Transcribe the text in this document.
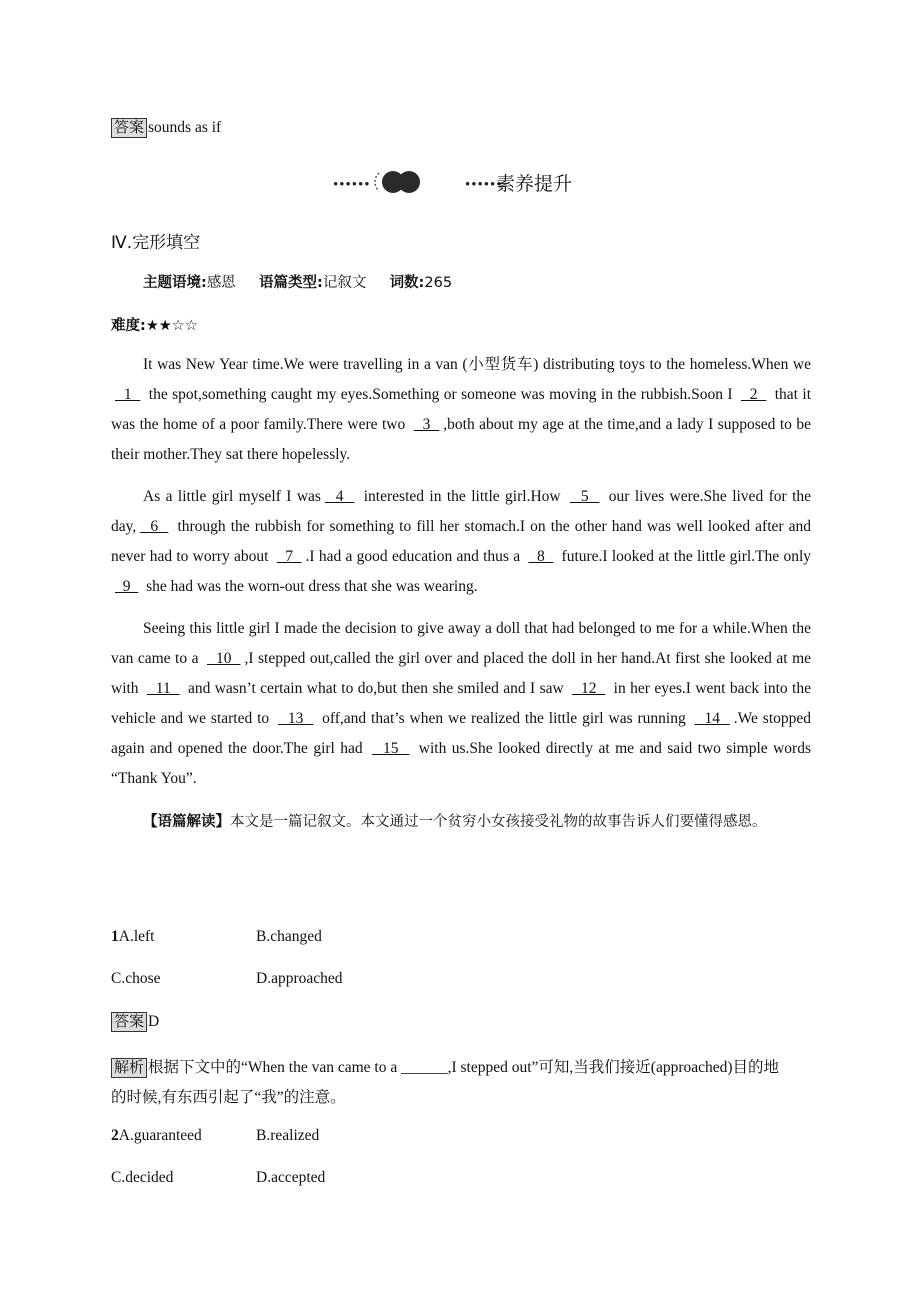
答案 sounds as if
••••••	••••••
素养提升
Ⅳ.完形填空
主题语境:感恩 语篇类型:记叙文 词数:265
难度:★★☆☆
It was New Year time.We were travelling in a van (小型货车) distributing toys to the homeless.When we   1   the spot,something caught my eyes.Something or someone was moving in the rubbish.Soon I   2   that it was the home of a poor family.There were two   3  ,both about my age at the time,and a lady I supposed to be their mother.They sat there hopelessly.
As a little girl myself I was  4   interested in the little girl.How   5   our lives were.She lived for the day,  6   through the rubbish for something to fill her stomach.I on the other hand was well looked after and never had to worry about   7  .I had a good education and thus a   8   future.I looked at the little girl.The only   9   she had was the worn-out dress that she was wearing.
Seeing this little girl I made the decision to give away a doll that had belonged to me for a while.When the van came to a   10  ,I stepped out,called the girl over and placed the doll in her hand.At first she looked at me with   11   and wasn’t certain what to do,but then she smiled and I saw   12   in her eyes.I went back into the vehicle and we started to   13   off,and that’s when we realized the little girl was running   14  .We stopped again and opened the door.The girl had   15   with us.She looked directly at me and said two simple words “Thank You”.
【语篇解读】本文是一篇记叙文。本文通过一个贫穷小女孩接受礼物的故事告诉人们要懂得感恩。
1A.left	B.changed
C.chose	D.approached
答案 D
解析 根据下文中的“When the van came to a ______,I stepped out”可知,当我们接近(approached)目的地
的时候,有东西引起了“我”的注意。
2A.guaranteed	B.realized
C.decided	D.accepted
